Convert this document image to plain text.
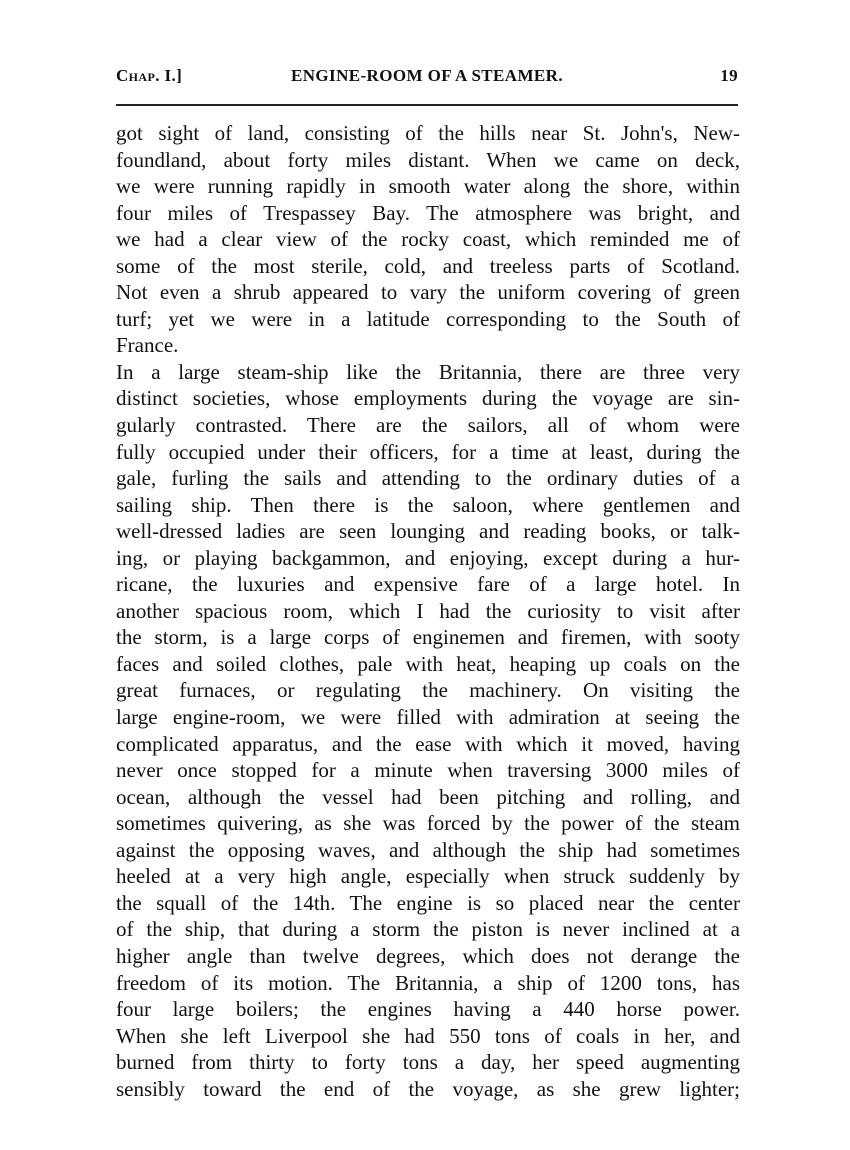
Chap. I.]	ENGINE-ROOM OF A STEAMER.	19

got sight of land, consisting of the hills near St. John's, New-
foundland, about forty miles distant. When we came on deck,
we were running rapidly in smooth water along the shore, within
four miles of Trespassey Bay. The atmosphere was bright, and
we had a clear view of the rocky coast, which reminded me of
some of the most sterile, cold, and treeless parts of Scotland.
Not even a shrub appeared to vary the uniform covering of green
turf; yet we were in a latitude corresponding to the South of
France.

In a large steam-ship like the Britannia, there are three very
distinct societies, whose employments during the voyage are sin-
gularly contrasted. There are the sailors, all of whom were
fully occupied under their officers, for a time at least, during the
gale, furling the sails and attending to the ordinary duties of a
sailing ship. Then there is the saloon, where gentlemen and
well-dressed ladies are seen lounging and reading books, or talk-
ing, or playing backgammon, and enjoying, except during a hur-
ricane, the luxuries and expensive fare of a large hotel. In
another spacious room, which I had the curiosity to visit after
the storm, is a large corps of enginemen and firemen, with sooty
faces and soiled clothes, pale with heat, heaping up coals on the
great furnaces, or regulating the machinery. On visiting the
large engine-room, we were filled with admiration at seeing the
complicated apparatus, and the ease with which it moved, having
never once stopped for a minute when traversing 3000 miles of
ocean, although the vessel had been pitching and rolling, and
sometimes quivering, as she was forced by the power of the steam
against the opposing waves, and although the ship had sometimes
heeled at a very high angle, especially when struck suddenly by
the squall of the 14th. The engine is so placed near the center
of the ship, that during a storm the piston is never inclined at a
higher angle than twelve degrees, which does not derange the
freedom of its motion. The Britannia, a ship of 1200 tons, has
four large boilers; the engines having a 440 horse power.
When she left Liverpool she had 550 tons of coals in her, and
burned from thirty to forty tons a day, her speed augmenting
sensibly toward the end of the voyage, as she grew lighter;
